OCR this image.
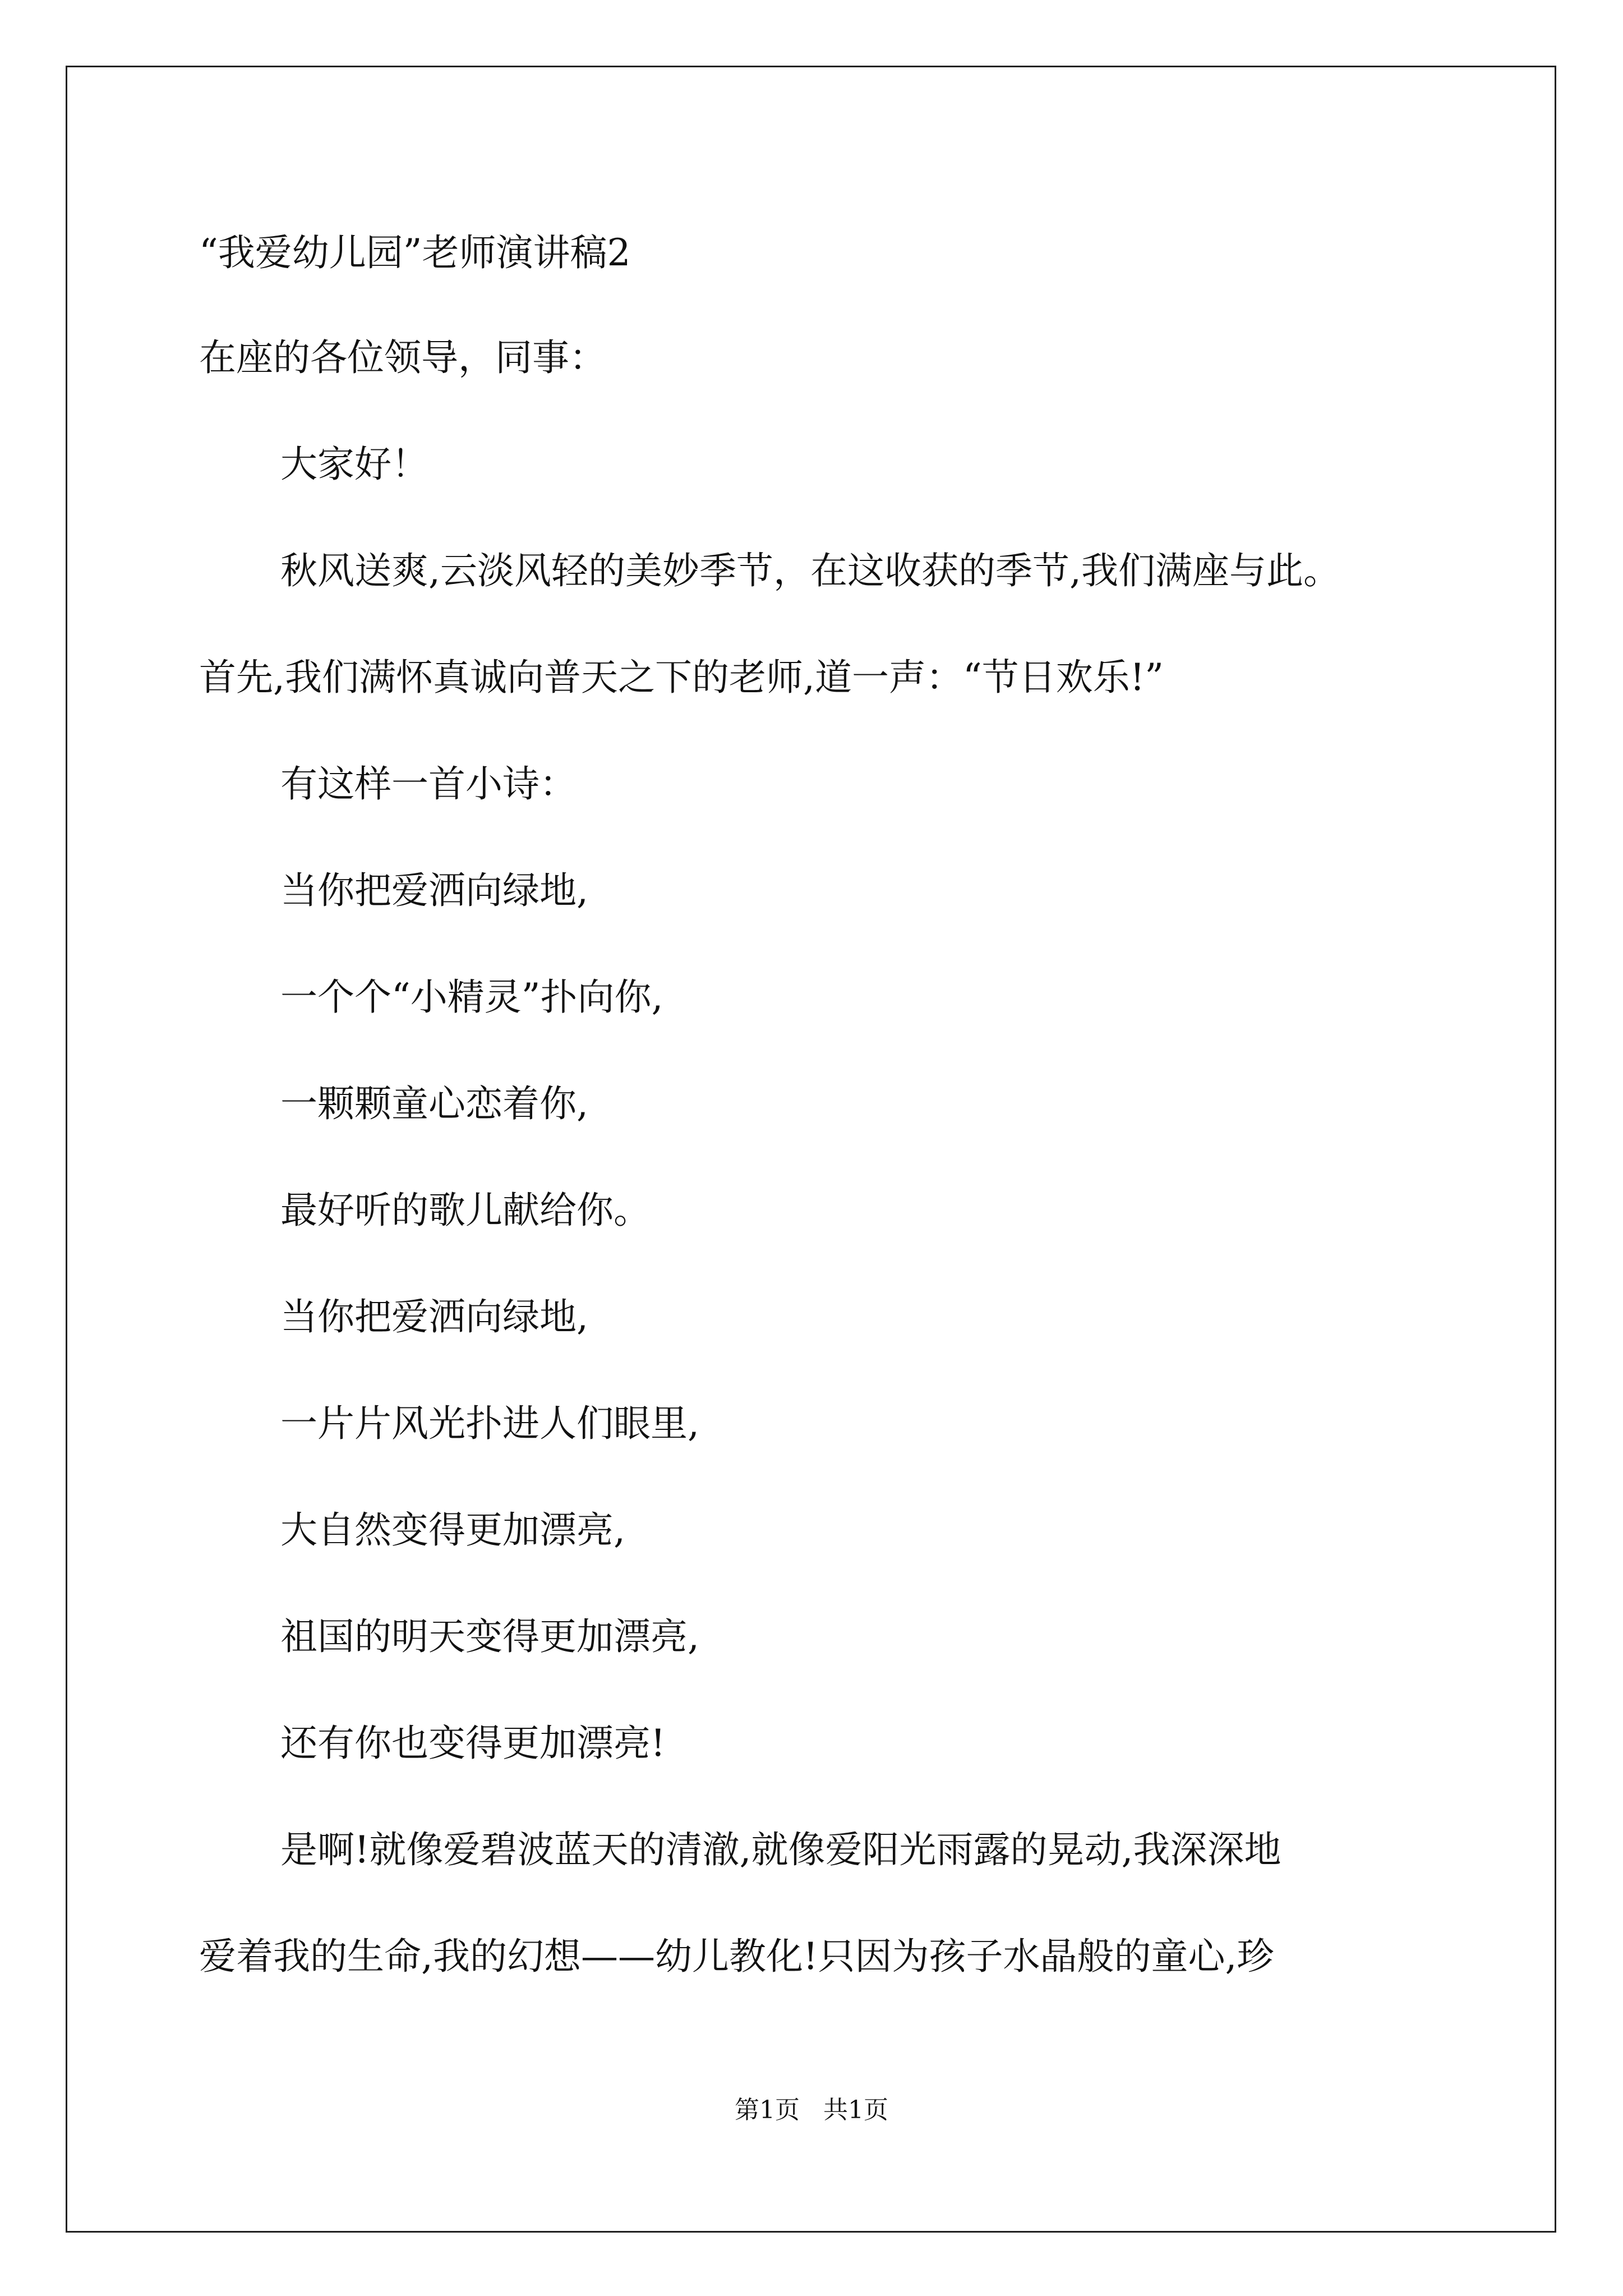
“我爱幼儿园”老师演讲稿2
在座的各位领导，同事：
大家好！
秋风送爽,云淡风轻的美妙季节，在这收获的季节,我们满座与此。
首先,我们满怀真诚向普天之下的老师,道一声：“节日欢乐!”
有这样一首小诗：
当你把爱洒向绿地,
一个个“小精灵”扑向你,
一颗颗童心恋着你,
最好听的歌儿献给你。
当你把爱洒向绿地,
一片片风光扑进人们眼里,
大自然变得更加漂亮,
祖国的明天变得更加漂亮,
还有你也变得更加漂亮!
是啊!就像爱碧波蓝天的清澈,就像爱阳光雨露的晃动,我深深地
爱着我的生命,我的幻想——幼儿教化!只因为孩子水晶般的童心,珍
第1页   共1页
